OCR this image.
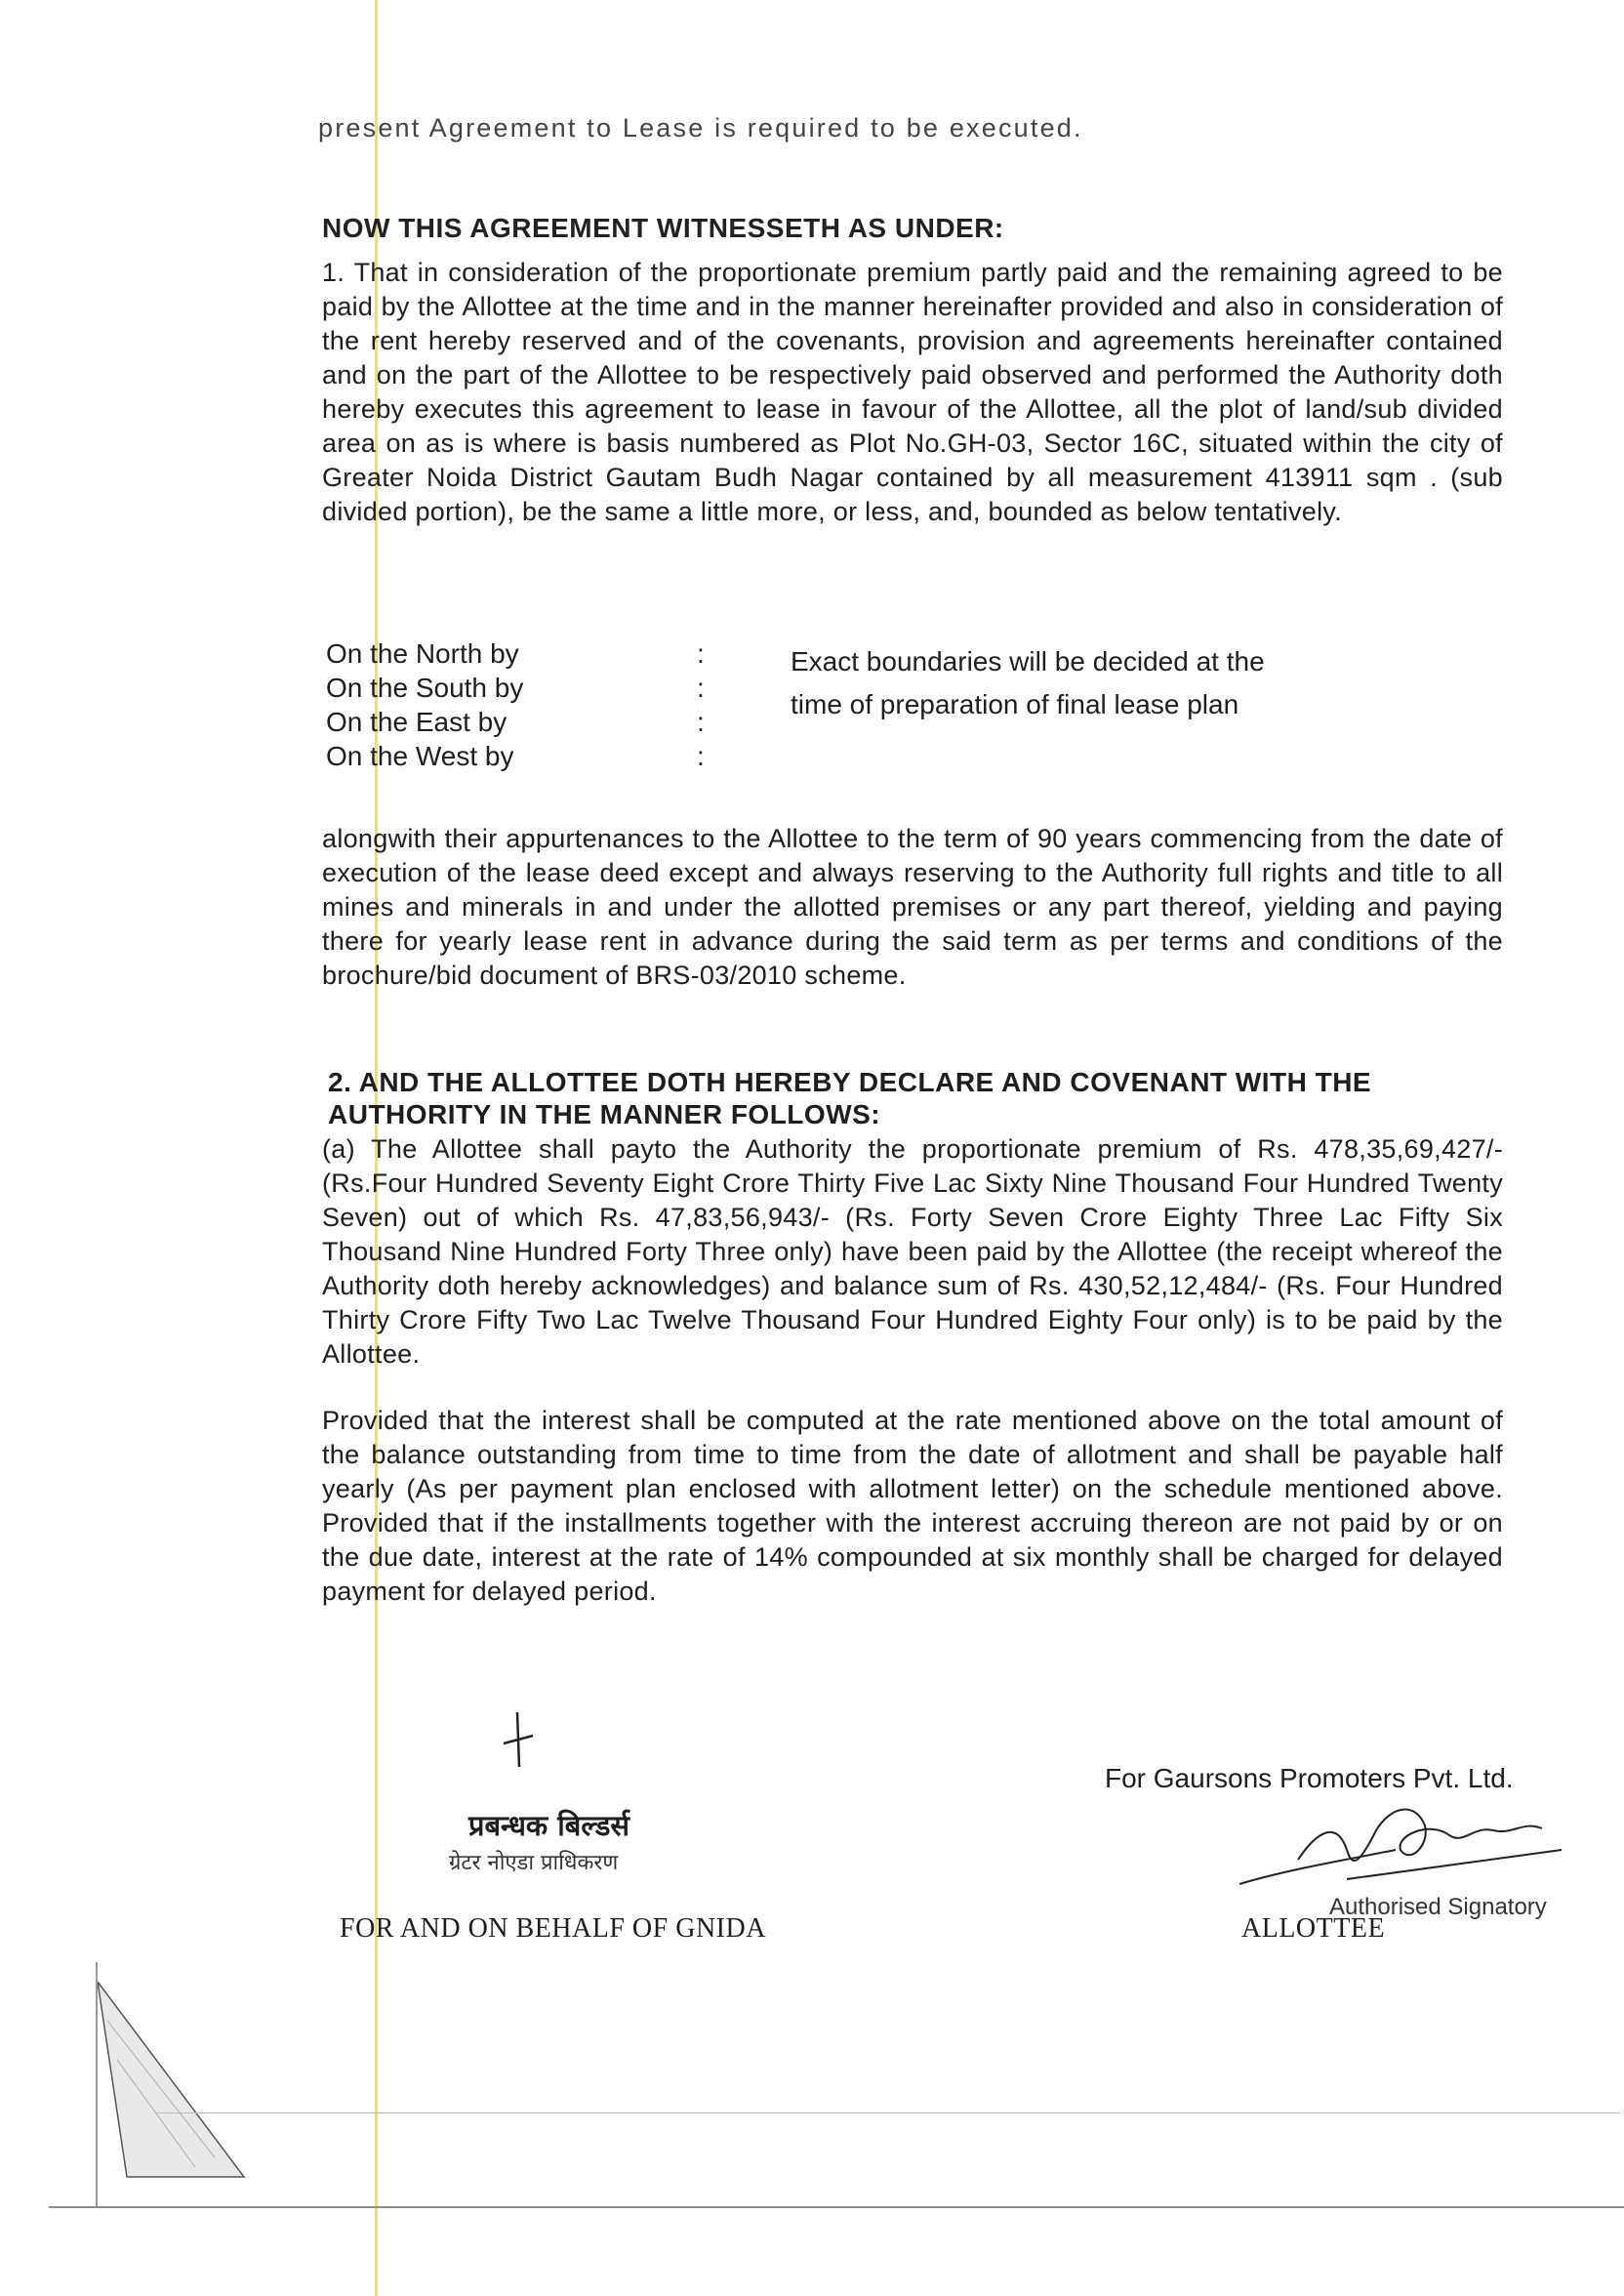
present Agreement to Lease is required to be executed.
NOW THIS AGREEMENT WITNESSETH AS UNDER:
1. That in consideration of the proportionate premium partly paid and the remaining agreed to be paid by the Allottee at the time and in the manner hereinafter provided and also in consideration of the rent hereby reserved and of the covenants, provision and agreements hereinafter contained and on the part of the Allottee to be respectively paid observed and performed the Authority doth hereby executes this agreement to lease in favour of the Allottee, all the plot of land/sub divided area on as is where is basis numbered as Plot No.GH-03, Sector 16C, situated within the city of Greater Noida District Gautam Budh Nagar contained by all measurement 413911 sqm . (sub divided portion), be the same a little more, or less, and, bounded as below tentatively.
On the North by
On the South by
On the East by
On the West by
:
:
:
:
Exact boundaries will be decided at the
time of preparation of final lease plan
alongwith their appurtenances to the Allottee to the term of 90 years commencing from the date of execution of the lease deed except and always reserving to the Authority full rights and title to all mines and minerals in and under the allotted premises or any part thereof, yielding and paying there for yearly lease rent in advance during the said term as per terms and conditions of the brochure/bid document of BRS-03/2010 scheme.
2. AND THE ALLOTTEE DOTH HEREBY DECLARE AND COVENANT WITH THE AUTHORITY IN THE MANNER FOLLOWS:
(a) The Allottee shall payto the Authority the proportionate premium of Rs. 478,35,69,427/- (Rs.Four Hundred Seventy Eight Crore Thirty Five Lac Sixty Nine Thousand Four Hundred Twenty Seven) out of which Rs. 47,83,56,943/- (Rs. Forty Seven Crore Eighty Three Lac Fifty Six Thousand Nine Hundred Forty Three only) have been paid by the Allottee (the receipt whereof the Authority doth hereby acknowledges) and balance sum of Rs. 430,52,12,484/- (Rs. Four Hundred Thirty Crore Fifty Two Lac Twelve Thousand Four Hundred Eighty Four only) is to be paid by the Allottee.
Provided that the interest shall be computed at the rate mentioned above on the total amount of the balance outstanding from time to time from the date of allotment and shall be payable half yearly (As per payment plan enclosed with allotment letter) on the schedule mentioned above. Provided that if the installments together with the interest accruing thereon are not paid by or on the due date, interest at the rate of 14% compounded at six monthly shall be charged for delayed payment for delayed period.
प्रबन्धक बिल्डर्स
ग्रेटर नोएडा प्राधिकरण
FOR AND ON BEHALF OF GNIDA
For Gaursons Promoters Pvt. Ltd.
Authorised Signatory
ALLOTTEE
